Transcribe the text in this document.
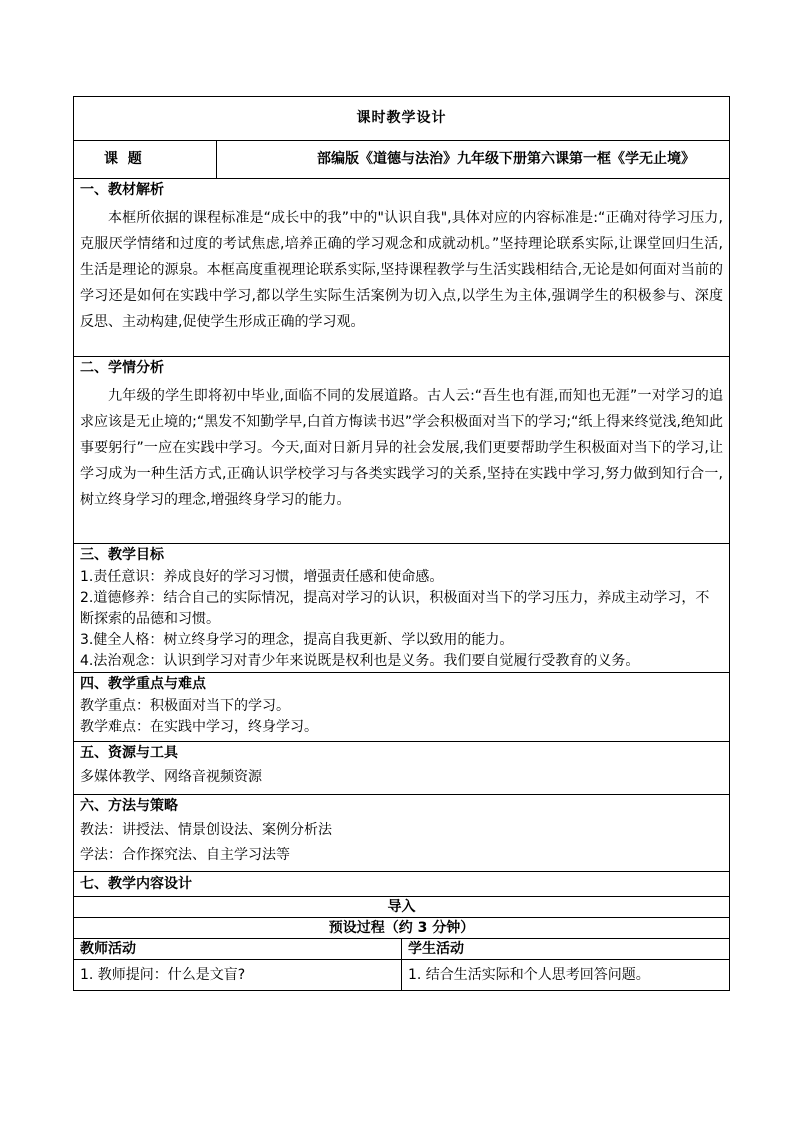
课时教学设计		
课  题	部编版《道德与法治》九年级下册第六课第一框《学无止境》	

一、教材解析
本框所依据的课程标准是“成长中的我”中的"认识自我",具体对应的内容标准是:“正确对待学习压力,克服厌学情绪和过度的考试焦虑,培养正确的学习观念和成就动机。”坚持理论联系实际,让课堂回归生活,生活是理论的源泉。本框高度重视理论联系实际,坚持课程教学与生活实践相结合,无论是如何面对当前的学习还是如何在实践中学习,都以学生实际生活案例为切入点,以学生为主体,强调学生的积极参与、深度反思、主动构建,促使学生形成正确的学习观。		

二、学情分析
九年级的学生即将初中毕业,面临不同的发展道路。古人云:“吾生也有涯,而知也无涯”一对学习的追求应该是无止境的;“黑发不知勤学早,白首方悔读书迟”学会积极面对当下的学习;“纸上得来终觉浅,绝知此事要躬行”一应在实践中学习。今天,面对日新月异的社会发展,我们更要帮助学生积极面对当下的学习,让学习成为一种生活方式,正确认识学校学习与各类实践学习的关系,坚持在实践中学习,努力做到知行合一,树立终身学习的理念,增强终身学习的能力。		

三、教学目标
1.责任意识：养成良好的学习习惯，增强责任感和使命感。
2.道德修养：结合自己的实际情况，提高对学习的认识，积极面对当下的学习压力，养成主动学习，不断探索的品德和习惯。
3.健全人格：树立终身学习的理念，提高自我更新、学以致用的能力。
4.法治观念：认识到学习对青少年来说既是权利也是义务。我们要自觉履行受教育的义务。		

四、教学重点与难点
教学重点：积极面对当下的学习。
教学难点：在实践中学习，终身学习。		

五、资源与工具
多媒体教学、网络音视频资源		

六、方法与策略
教法：讲授法、情景创设法、案例分析法
学法：合作探究法、自主学习法等		

七、教学内容设计		
导入		
预设过程（约 3 分钟）		
教师活动		学生活动
1. 教师提问：什么是文盲?		1. 结合生活实际和个人思考回答问题。
